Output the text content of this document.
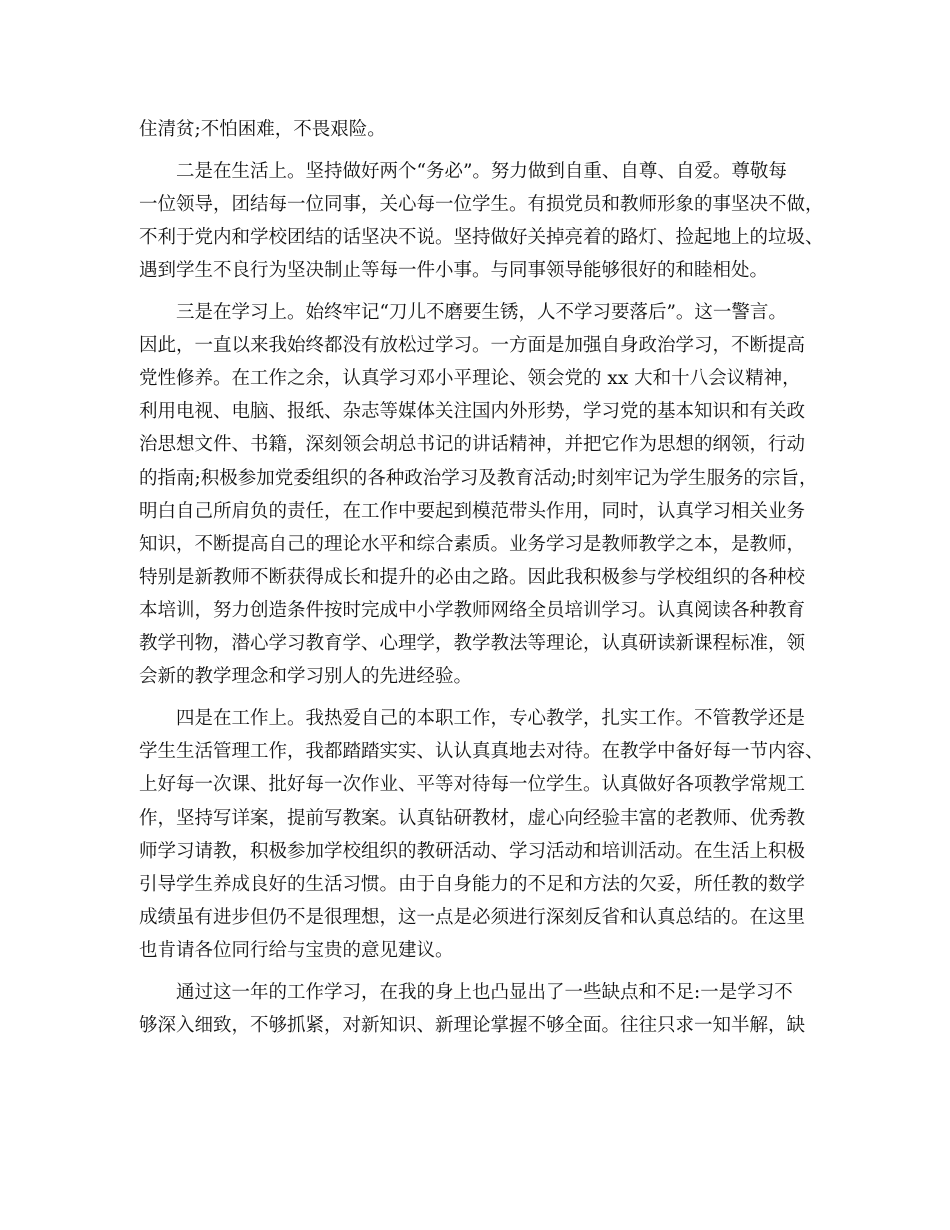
住清贫;不怕困难，不畏艰险。
二是在生活上。坚持做好两个“务必”。努力做到自重、自尊、自爱。尊敬每
一位领导，团结每一位同事，关心每一位学生。有损党员和教师形象的事坚决不做，
不利于党内和学校团结的话坚决不说。坚持做好关掉亮着的路灯、捡起地上的垃圾、
遇到学生不良行为坚决制止等每一件小事。与同事领导能够很好的和睦相处。
三是在学习上。始终牢记“刀儿不磨要生锈，人不学习要落后”。这一警言。
因此，一直以来我始终都没有放松过学习。一方面是加强自身政治学习，不断提高
党性修养。在工作之余，认真学习邓小平理论、领会党的 xx 大和十八会议精神，
利用电视、电脑、报纸、杂志等媒体关注国内外形势，学习党的基本知识和有关政
治思想文件、书籍，深刻领会胡总书记的讲话精神，并把它作为思想的纲领，行动
的指南;积极参加党委组织的各种政治学习及教育活动;时刻牢记为学生服务的宗旨，
明白自己所肩负的责任，在工作中要起到模范带头作用，同时，认真学习相关业务
知识，不断提高自己的理论水平和综合素质。业务学习是教师教学之本，是教师，
特别是新教师不断获得成长和提升的必由之路。因此我积极参与学校组织的各种校
本培训，努力创造条件按时完成中小学教师网络全员培训学习。认真阅读各种教育
教学刊物，潜心学习教育学、心理学，教学教法等理论，认真研读新课程标准，领
会新的教学理念和学习别人的先进经验。
四是在工作上。我热爱自己的本职工作，专心教学，扎实工作。不管教学还是
学生生活管理工作，我都踏踏实实、认认真真地去对待。在教学中备好每一节内容、
上好每一次课、批好每一次作业、平等对待每一位学生。认真做好各项教学常规工
作，坚持写详案，提前写教案。认真钻研教材，虚心向经验丰富的老教师、优秀教
师学习请教，积极参加学校组织的教研活动、学习活动和培训活动。在生活上积极
引导学生养成良好的生活习惯。由于自身能力的不足和方法的欠妥，所任教的数学
成绩虽有进步但仍不是很理想，这一点是必须进行深刻反省和认真总结的。在这里
也肯请各位同行给与宝贵的意见建议。
通过这一年的工作学习，在我的身上也凸显出了一些缺点和不足:一是学习不
够深入细致，不够抓紧，对新知识、新理论掌握不够全面。往往只求一知半解，缺
